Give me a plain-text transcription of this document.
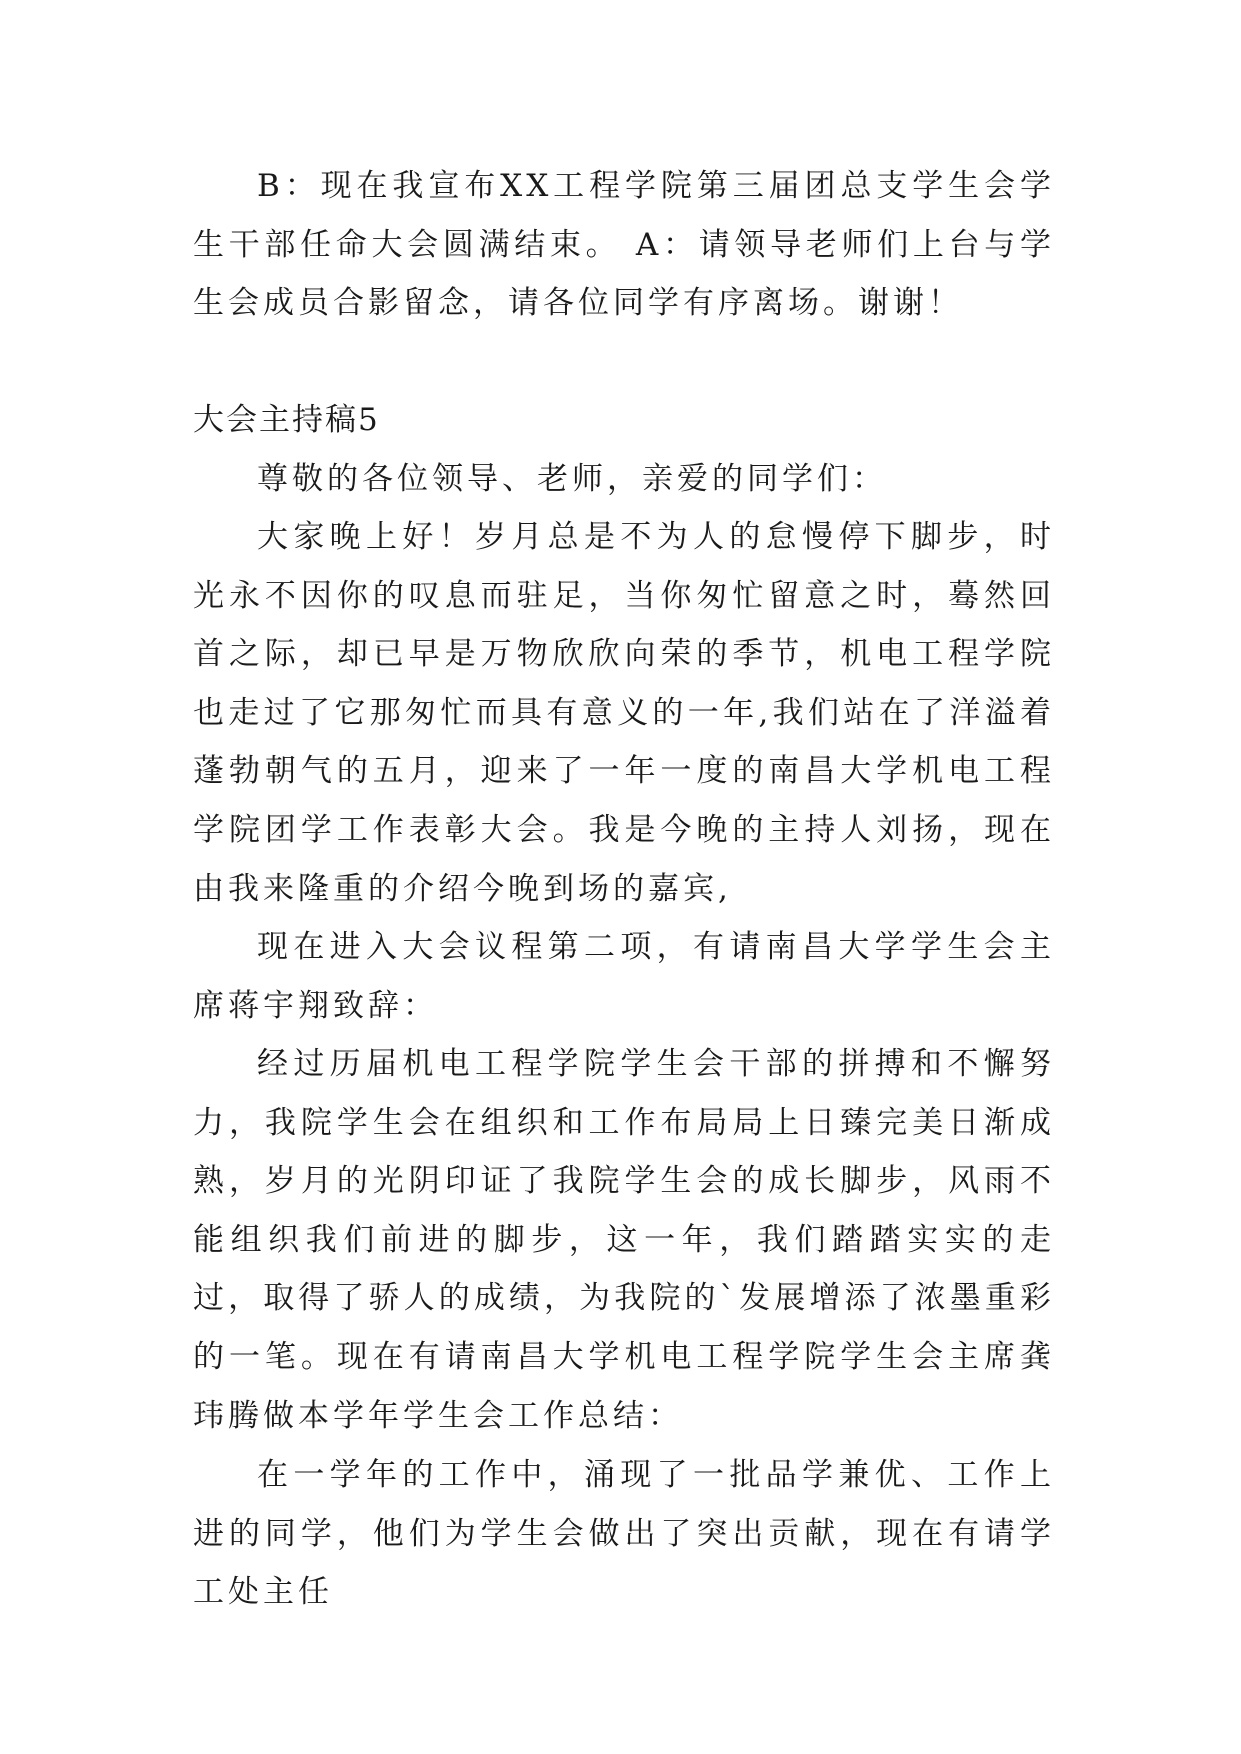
B：现在我宣布XX工程学院第三届团总支学生会学生干部任命大会圆满结束。 A：请领导老师们上台与学生会成员合影留念，请各位同学有序离场。谢谢！

大会主持稿5

尊敬的各位领导、老师，亲爱的同学们：

大家晚上好！岁月总是不为人的怠慢停下脚步，时光永不因你的叹息而驻足，当你匆忙留意之时，蓦然回首之际，却已早是万物欣欣向荣的季节，机电工程学院也走过了它那匆忙而具有意义的一年,我们站在了洋溢着蓬勃朝气的五月，迎来了一年一度的南昌大学机电工程学院团学工作表彰大会。我是今晚的主持人刘扬，现在由我来隆重的介绍今晚到场的嘉宾,

现在进入大会议程第二项，有请南昌大学学生会主席蒋宇翔致辞：

经过历届机电工程学院学生会干部的拼搏和不懈努力，我院学生会在组织和工作布局局上日臻完美日渐成熟，岁月的光阴印证了我院学生会的成长脚步，风雨不能组织我们前进的脚步，这一年，我们踏踏实实的走过，取得了骄人的成绩，为我院的`发展增添了浓墨重彩的一笔。现在有请南昌大学机电工程学院学生会主席龚玮腾做本学年学生会工作总结：

在一学年的工作中，涌现了一批品学兼优、工作上进的同学，他们为学生会做出了突出贡献，现在有请学工处主任
